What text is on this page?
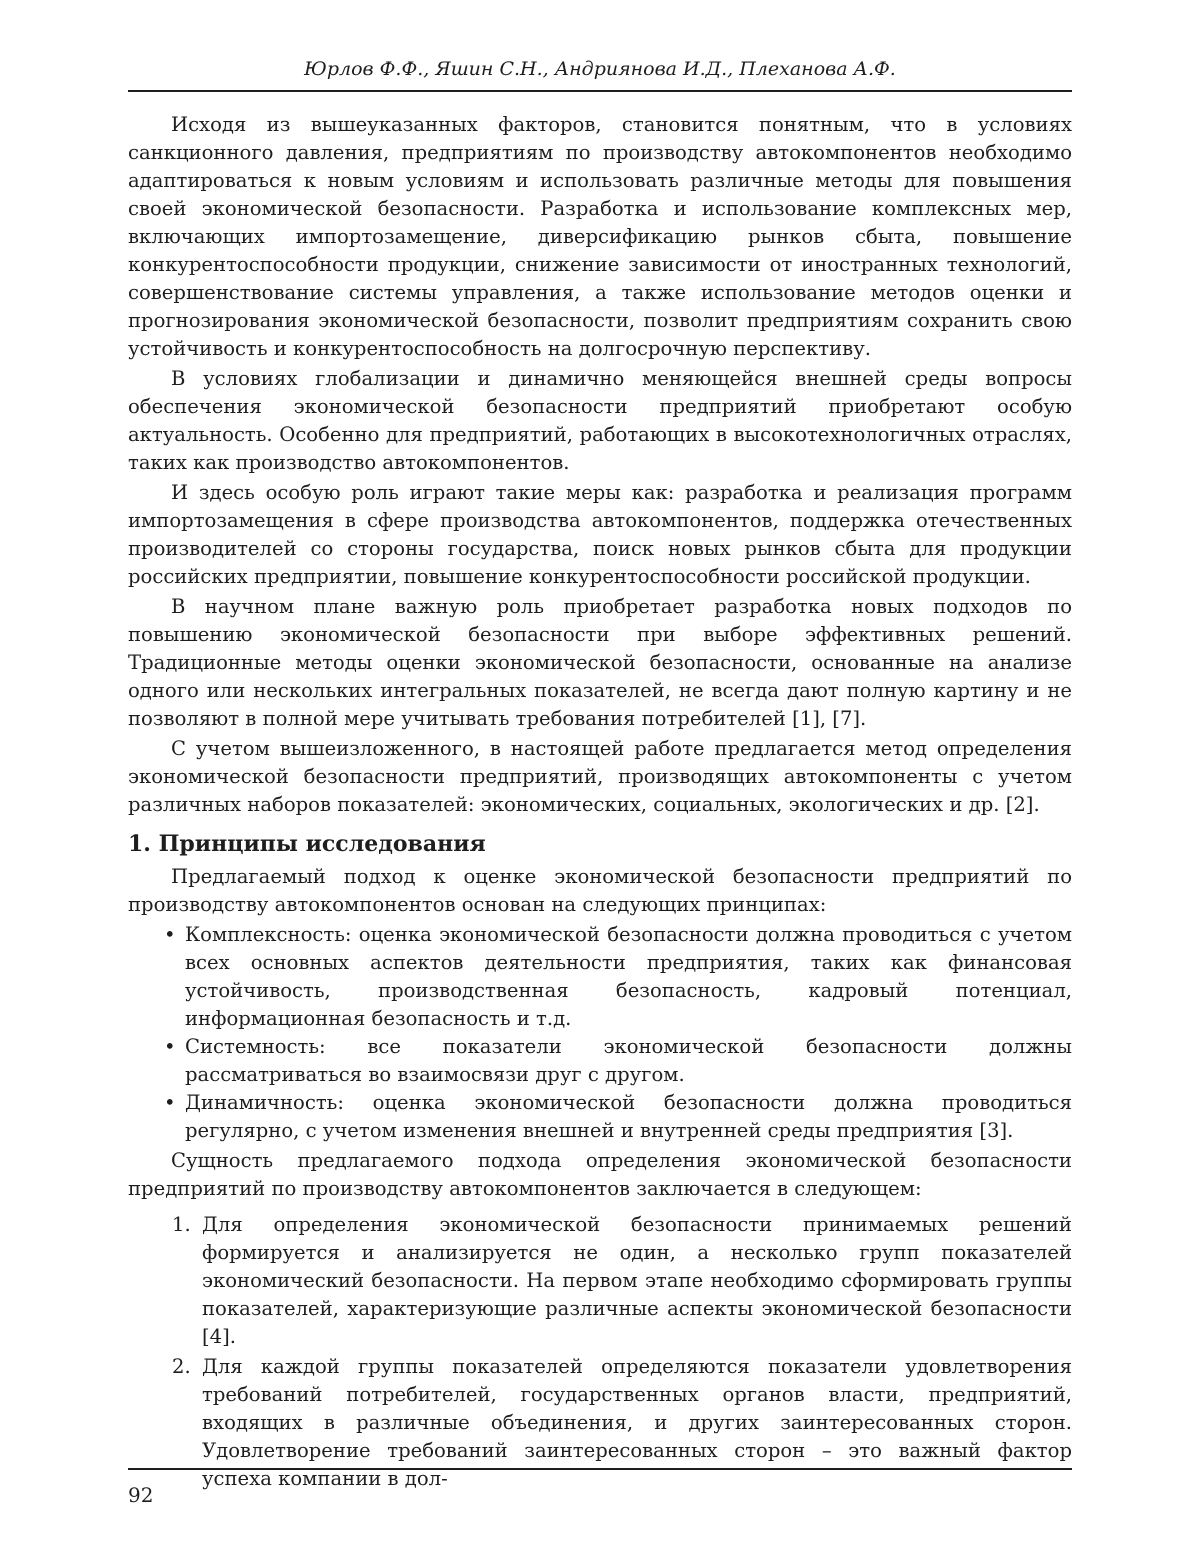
Юрлов Ф.Ф., Яшин С.Н., Андриянова И.Д., Плеханова А.Ф.

Исходя из вышеуказанных факторов, становится понятным, что в условиях санкционного давления, предприятиям по производству автокомпонентов необходимо адаптироваться к новым условиям и использовать различные методы для повышения своей экономической безопасности. Разработка и использование комплексных мер, включающих импортозамещение, диверсификацию рынков сбыта, повышение конкурентоспособности продукции, снижение зависимости от иностранных технологий, совершенствование системы управления, а также использование методов оценки и прогнозирования экономической безопасности, позволит предприятиям сохранить свою устойчивость и конкурентоспособность на долгосрочную перспективу.

В условиях глобализации и динамично меняющейся внешней среды вопросы обеспечения экономической безопасности предприятий приобретают особую актуальность. Особенно для предприятий, работающих в высокотехнологичных отраслях, таких как производство автокомпонентов.

И здесь особую роль играют такие меры как: разработка и реализация программ импортозамещения в сфере производства автокомпонентов, поддержка отечественных производителей со стороны государства, поиск новых рынков сбыта для продукции российских предприятии, повышение конкурентоспособности российской продукции.

В научном плане важную роль приобретает разработка новых подходов по повышению экономической безопасности при выборе эффективных решений. Традиционные методы оценки экономической безопасности, основанные на анализе одного или нескольких интегральных показателей, не всегда дают полную картину и не позволяют в полной мере учитывать требования потребителей [1], [7].

С учетом вышеизложенного, в настоящей работе предлагается метод определения экономической безопасности предприятий, производящих автокомпоненты с учетом различных наборов показателей: экономических, социальных, экологических и др. [2].

1. Принципы исследования

Предлагаемый подход к оценке экономической безопасности предприятий по производству автокомпонентов основан на следующих принципах:

• Комплексность: оценка экономической безопасности должна проводиться с учетом всех основных аспектов деятельности предприятия, таких как финансовая устойчивость, производственная безопасность, кадровый потенциал, информационная безопасность и т.д.
• Системность: все показатели экономической безопасности должны рассматриваться во взаимосвязи друг с другом.
• Динамичность: оценка экономической безопасности должна проводиться регулярно, с учетом изменения внешней и внутренней среды предприятия [3].

Сущность предлагаемого подхода определения экономической безопасности предприятий по производству автокомпонентов заключается в следующем:

1. Для определения экономической безопасности принимаемых решений формируется и анализируется не один, а несколько групп показателей экономический безопасности. На первом этапе необходимо сформировать группы показателей, характеризующие различные аспекты экономической безопасности [4].
2. Для каждой группы показателей определяются показатели удовлетворения требований потребителей, государственных органов власти, предприятий, входящих в различные объединения, и других заинтересованных сторон. Удовлетворение требований заинтересованных сторон – это важный фактор успеха компании в дол-
92
